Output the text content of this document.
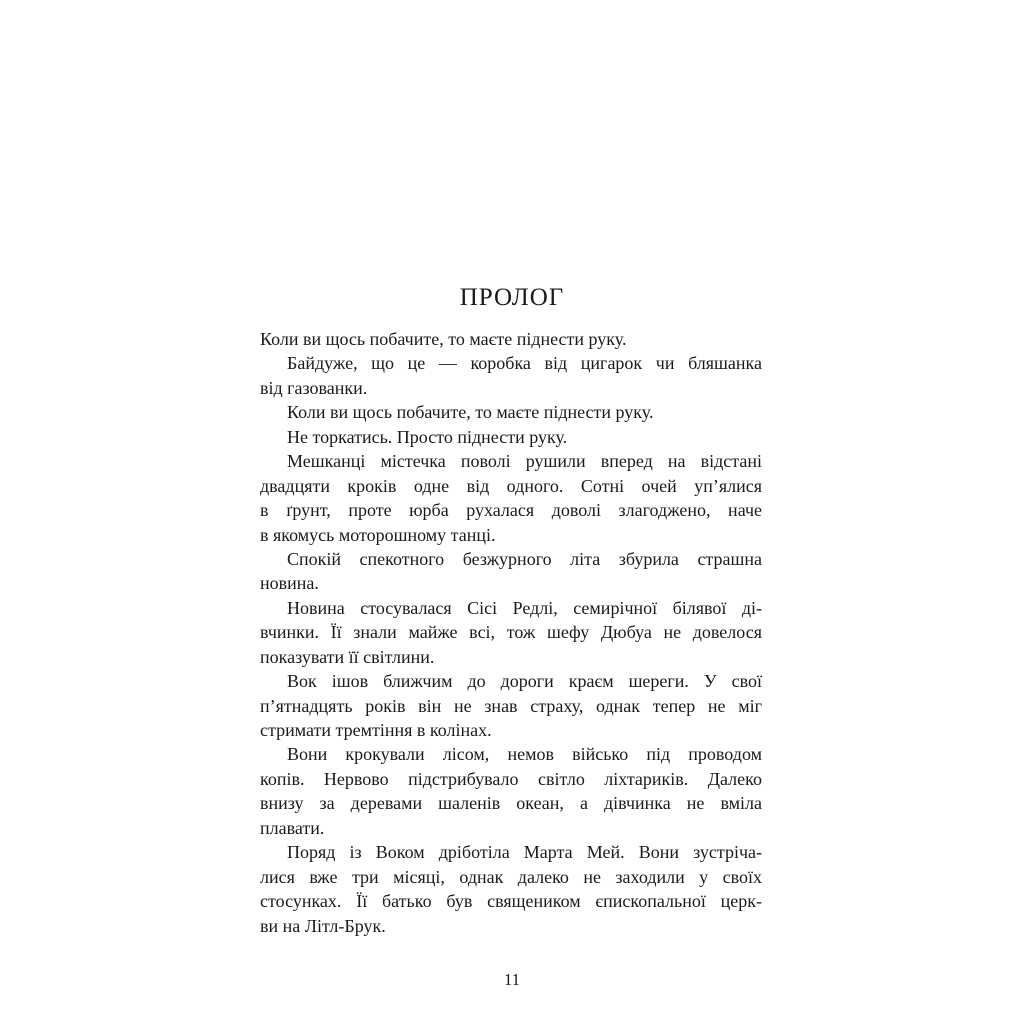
ПРОЛОГ
Коли ви щось побачите, то маєте піднести руку.
Байдуже, що це — коробка від цигарок чи бляшанка
від газованки.
Коли ви щось побачите, то маєте піднести руку.
Не торкатись. Просто піднести руку.
Мешканці містечка поволі рушили вперед на відстані
двадцяти кроків одне від одного. Сотні очей уп’ялися
в ґрунт, проте юрба рухалася доволі злагоджено, наче
в якомусь моторошному танці.
Спокій спекотного безжурного літа збурила страшна
новина.
Новина стосувалася Сісі Редлі, семирічної білявої ді-
вчинки. Її знали майже всі, тож шефу Дюбуа не довелося
показувати її світлини.
Вок ішов ближчим до дороги краєм шереги. У свої
п’ятнадцять років він не знав страху, однак тепер не міг
стримати тремтіння в колінах.
Вони крокували лісом, немов військо під проводом
копів. Нервово підстрибувало світло ліхтариків. Далеко
внизу за деревами шаленів океан, а дівчинка не вміла
плавати.
Поряд із Воком дріботіла Марта Мей. Вони зустріча-
лися вже три місяці, однак далеко не заходили у своїх
стосунках. Її батько був священиком єпископальної церк-
ви на Літл-Брук.
11
